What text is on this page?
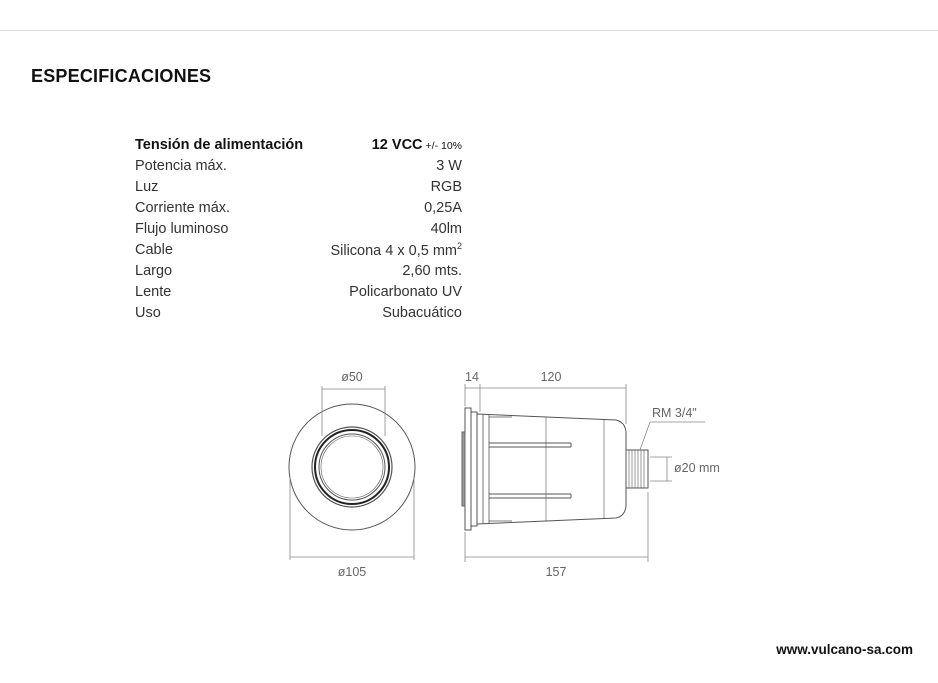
ESPECIFICACIONES
Tensión de alimentación	12 VCC +/- 10%
Potencia máx.	3 W
Luz	RGB
Corriente máx.	0,25A
Flujo luminoso	40lm
Cable	Silicona 4 x 0,5 $mm^2$
Largo	2,60 mts.
Lente	Policarbonato UV
Uso	Subacuático
ø50
ø105
14	120
157
RM 3/4"
ø20 mm
www.vulcano-sa.com
